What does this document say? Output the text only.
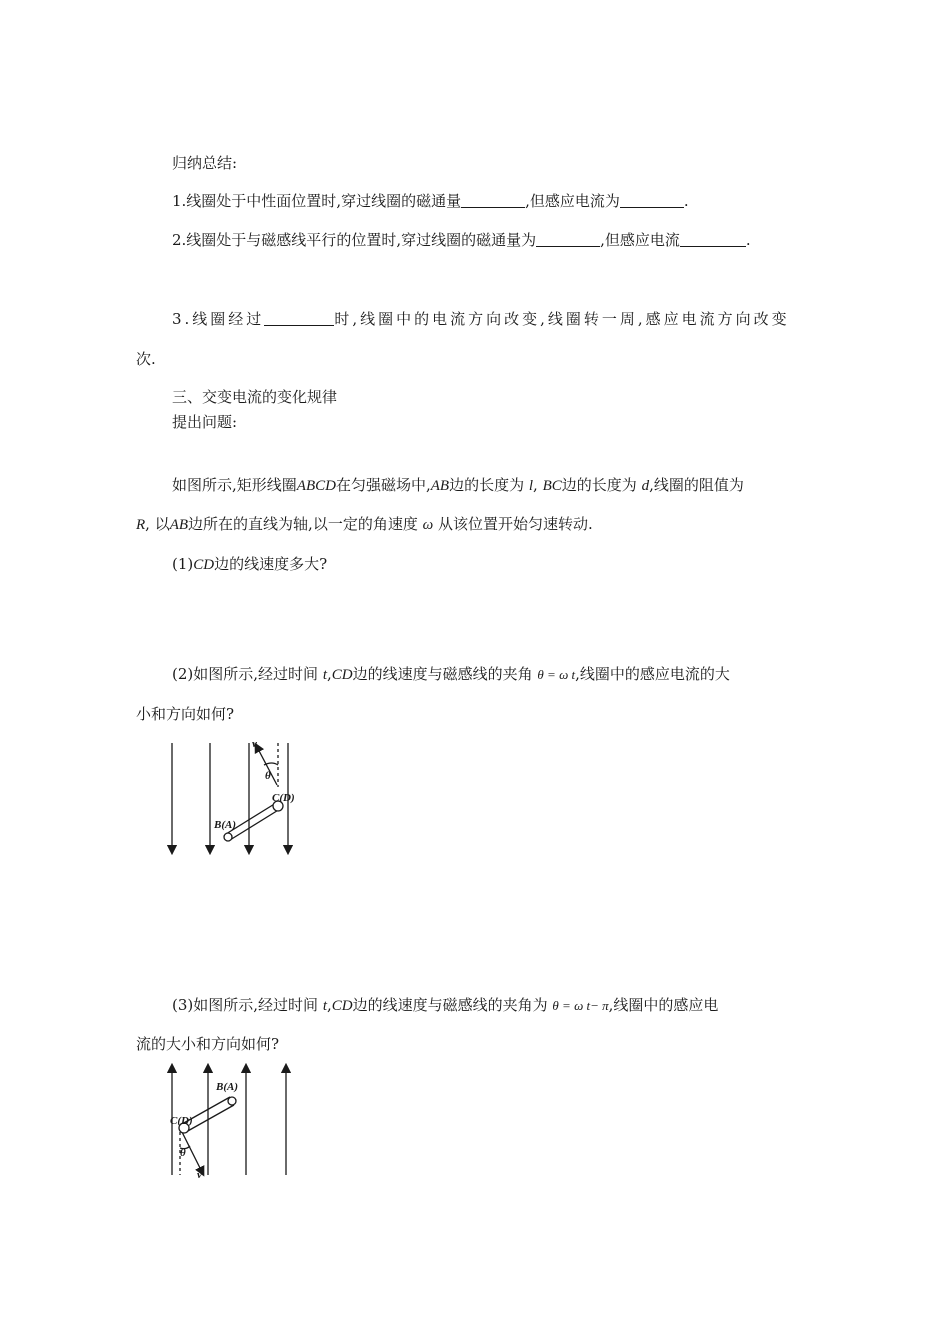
归纳总结:
1.线圈处于中性面位置时,穿过线圈的磁通量	,但感应电流为	.
2.线圈处于与磁感线平行的位置时,穿过线圈的磁通量为	,但感应电流	.
3.线圈经过	时,线圈中的电流方向改变,线圈转一周,感应电流方向改变
次.
三、交变电流的变化规律
提出问题:
如图所示,矩形线圈ABCD在匀强磁场中,AB边的长度为 l, BC边的长度为 d,线圈的阻值为
R, 以AB边所在的直线为轴,以一定的角速度 ω 从该位置开始匀速转动.
(1)CD边的线速度多大?
(2)如图所示,经过时间 t,CD边的线速度与磁感线的夹角 θ = ω t,线圈中的感应电流的大
小和方向如何?
v
θ
C(D)
B(A)
(3)如图所示,经过时间 t,CD边的线速度与磁感线的夹角为 θ = ω t− π,线圈中的感应电
流的大小和方向如何?
B(A)
C(D)
θ
v
